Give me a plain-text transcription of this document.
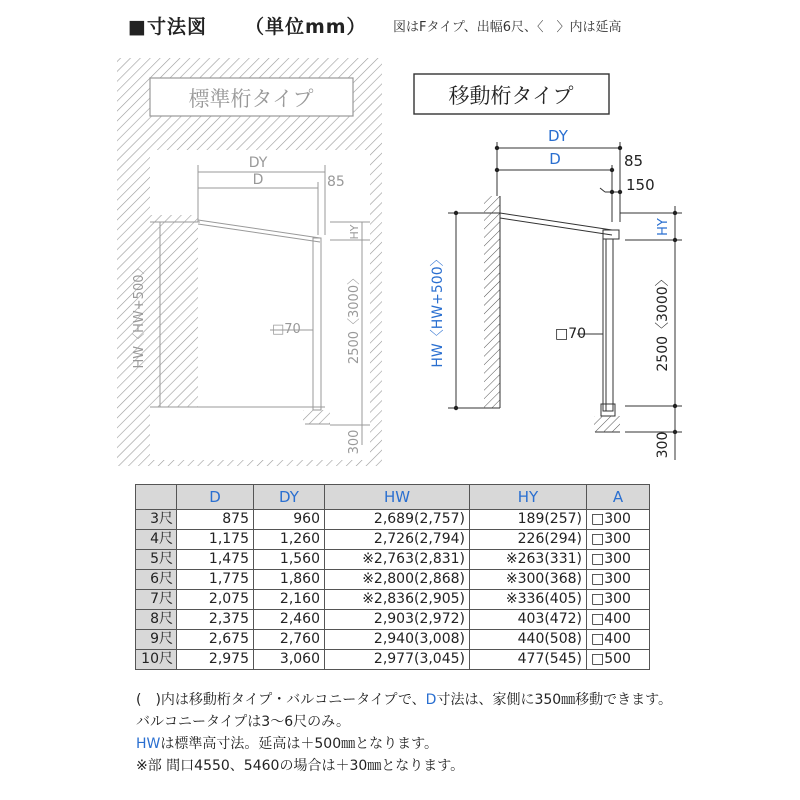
■寸法図 （単位mm） 図はFタイプ、出幅6尺、〈　〉内は延高
標準桁タイプ
DY
D	85
□70
HW〈HW+500〉
HY
2500〈3000〉
300
移動桁タイプ
DY
D	85
150
□70
HW〈HW+500〉
HY
2500〈3000〉
300
	D	DY	HW	HY	A
3尺	875	960	2,689(2,757)	189(257)	□300
4尺	1,175	1,260	2,726(2,794)	226(294)	□300
5尺	1,475	1,560	※2,763(2,831)	※263(331)	□300
6尺	1,775	1,860	※2,800(2,868)	※300(368)	□300
7尺	2,075	2,160	※2,836(2,905)	※336(405)	□300
8尺	2,375	2,460	2,903(2,972)	403(472)	□400
9尺	2,675	2,760	2,940(3,008)	440(508)	□400
10尺	2,975	3,060	2,977(3,045)	477(545)	□500
(　)内は移動桁タイプ・バルコニータイプで、D寸法は、家側に350㎜移動できます。
バルコニータイプは3～6尺のみ。
HWは標準高寸法。延高は＋500㎜となります。
※部 間口4550、5460の場合は＋30㎜となります。
